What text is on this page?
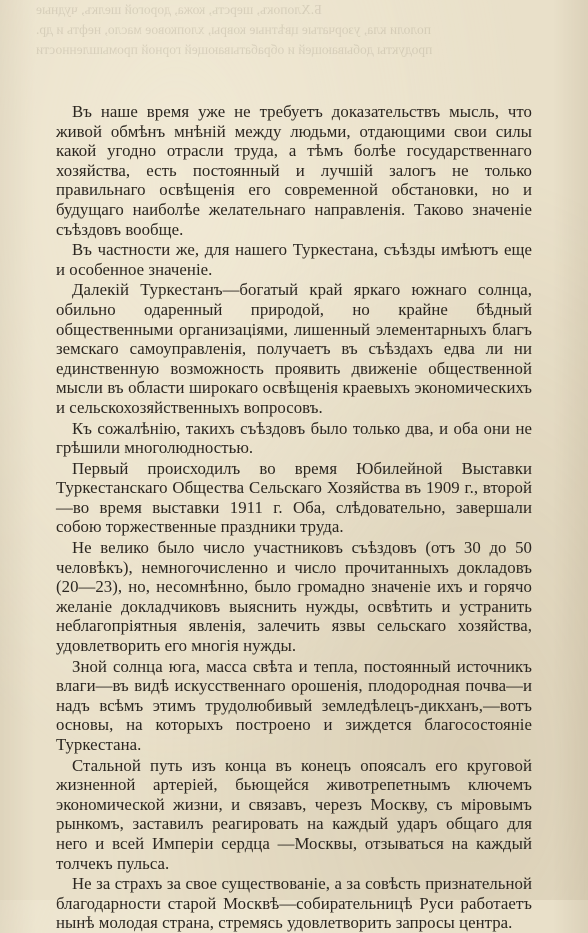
Б.Хлопокъ, шерсть, кожа, дорогой шелкъ, чудные
пололи кла, узорчатые цвѣтные ковры, хлопковое масло, нефть и др.
продукты добывающей и обрабатывающей горной промышленности

Въ наше время уже не требуетъ доказательствъ мысль, что живой обмѣнъ мнѣній между людьми, отдающими свои силы какой угодно отрасли труда, а тѣмъ болѣе государственнаго хозяйства, есть постоянный и лучшій залогъ не только правильнаго освѣщенія его современной обстановки, но и будущаго наиболѣе желательнаго направленія. Таково значеніе съѣздовъ вообще.

Въ частности же, для нашего Туркестана, съѣзды имѣютъ еще и особенное значеніе.

Далекій Туркестанъ—богатый край яркаго южнаго солнца, обильно одаренный природой, но крайне бѣдный общественными организаціями, лишенный элементарныхъ благъ земскаго самоуправленія, получаетъ въ съѣздахъ едва ли ни единственную возможность проявить движеніе общественной мысли въ области широкаго освѣщенія краевыхъ экономическихъ и сельскохозяйственныхъ вопросовъ.

Къ сожалѣнію, такихъ съѣздовъ было только два, и оба они не грѣшили многолюдностью.

Первый происходилъ во время Юбилейной Выставки Туркестанскаго Общества Сельскаго Хозяйства въ 1909 г., второй—во время выставки 1911 г. Оба, слѣдовательно, завершали собою торжественные праздники труда.

Не велико было число участниковъ съѣздовъ (отъ 30 до 50 человѣкъ), немногочисленно и число прочитанныхъ докладовъ (20—23), но, несомнѣнно, было громадно значеніе ихъ и горячо желаніе докладчиковъ выяснить нужды, освѣтить и устранить неблагопріятныя явленія, залечить язвы сельскаго хозяйства, удовлетворить его многія нужды.

Зной солнца юга, масса свѣта и тепла, постоянный источникъ влаги—въ видѣ искусственнаго орошенія, плодородная почва—и надъ всѣмъ этимъ трудолюбивый земледѣлецъ-дикханъ,—вотъ основы, на которыхъ построено и зиждется благосостояніе Туркестана.

Стальной путь изъ конца въ конецъ опоясалъ его круговой жизненной артеріей, бьющейся животрепетнымъ ключемъ экономической жизни, и связавъ, черезъ Москву, съ міровымъ рынкомъ, заставилъ реагировать на каждый ударъ общаго для него и всей Имперіи сердца —Москвы, отзываться на каждый толчекъ пульса.

Не за страхъ за свое существованіе, а за совѣсть признательной благодарности старой Москвѣ—собирательницѣ Руси работаетъ нынѣ молодая страна, стремясь удовлетворить запросы центра.
